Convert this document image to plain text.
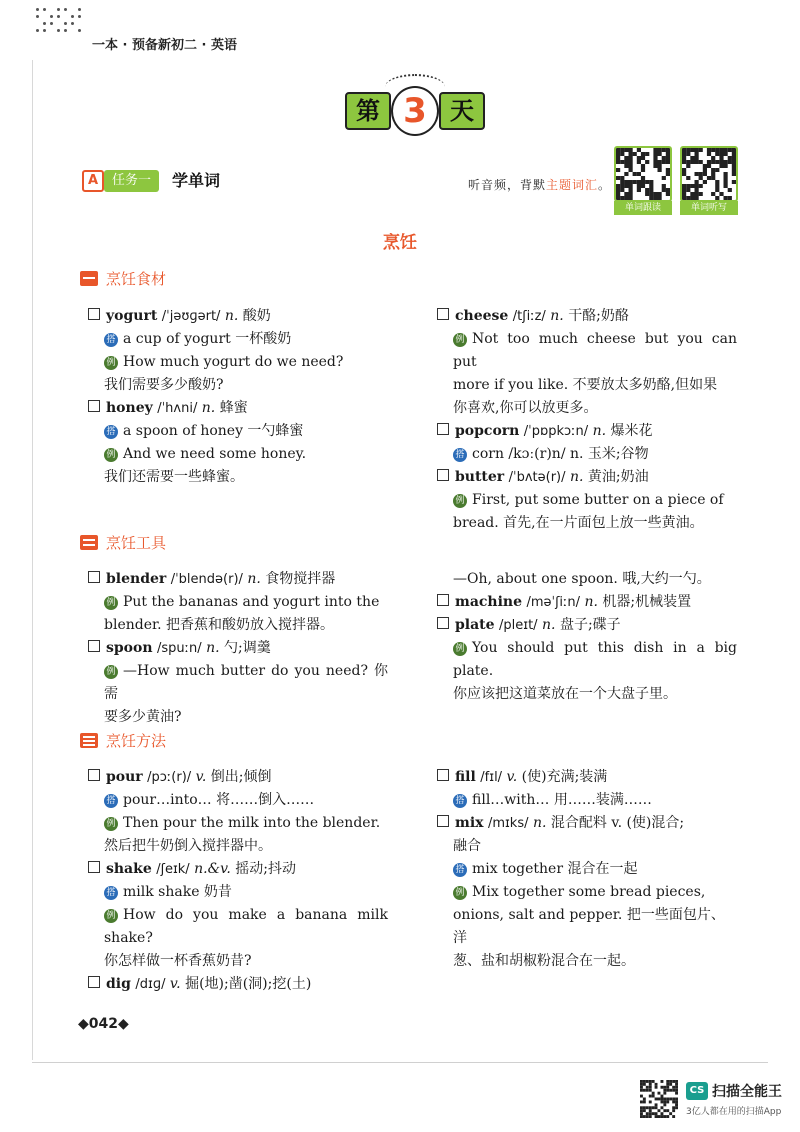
一本 · 预备新初二 · 英语
第 3 天
A	任务一	学单词	听音频，背默主题词汇。
单词跟读	单词听写
烹饪
烹饪食材

yogurt /ˈjəʊɡərt/ n. 酸奶

搭 a cup of yogurt 一杯酸奶

例 How much yogurt do we need?

我们需要多少酸奶?

honey /ˈhʌni/ n. 蜂蜜

搭 a spoon of honey 一勺蜂蜜

例 And we need some honey.

我们还需要一些蜂蜜。

cheese /tʃiːz/ n. 干酪;奶酪

例 Not too much cheese but you can put

more if you like. 不要放太多奶酪,但如果

你喜欢,你可以放更多。

popcorn /ˈpɒpkɔːn/ n. 爆米花

搭 corn /kɔː(r)n/ n. 玉米;谷物

butter /ˈbʌtə(r)/ n. 黄油;奶油

例 First, put some butter on a piece of

bread. 首先,在一片面包上放一些黄油。

烹饪工具

blender /ˈblendə(r)/ n. 食物搅拌器

例 Put the bananas and yogurt into the

blender. 把香蕉和酸奶放入搅拌器。

spoon /spuːn/ n. 勺;调羹

例 —How much butter do you need? 你需

要多少黄油?

—Oh, about one spoon. 哦,大约一勺。

machine /məˈʃiːn/ n. 机器;机械装置

plate /pleɪt/ n. 盘子;碟子

例 You should put this dish in a big plate.

你应该把这道菜放在一个大盘子里。

烹饪方法

pour /pɔː(r)/ v. 倒出;倾倒

搭 pour…into… 将……倒入……

例 Then pour the milk into the blender.

然后把牛奶倒入搅拌器中。

shake /ʃeɪk/ n.&v. 摇动;抖动

搭 milk shake 奶昔

例 How do you make a banana milk shake?

你怎样做一杯香蕉奶昔?

dig /dɪɡ/ v. 掘(地);凿(洞);挖(土)

fill /fɪl/ v. (使)充满;装满

搭 fill…with… 用……装满……

mix /mɪks/ n. 混合配料 v. (使)混合;

融合

搭 mix together 混合在一起

例 Mix together some bread pieces,

onions, salt and pepper. 把一些面包片、洋

葱、盐和胡椒粉混合在一起。

◆042◆
CS 扫描全能王
3亿人都在用的扫描App
